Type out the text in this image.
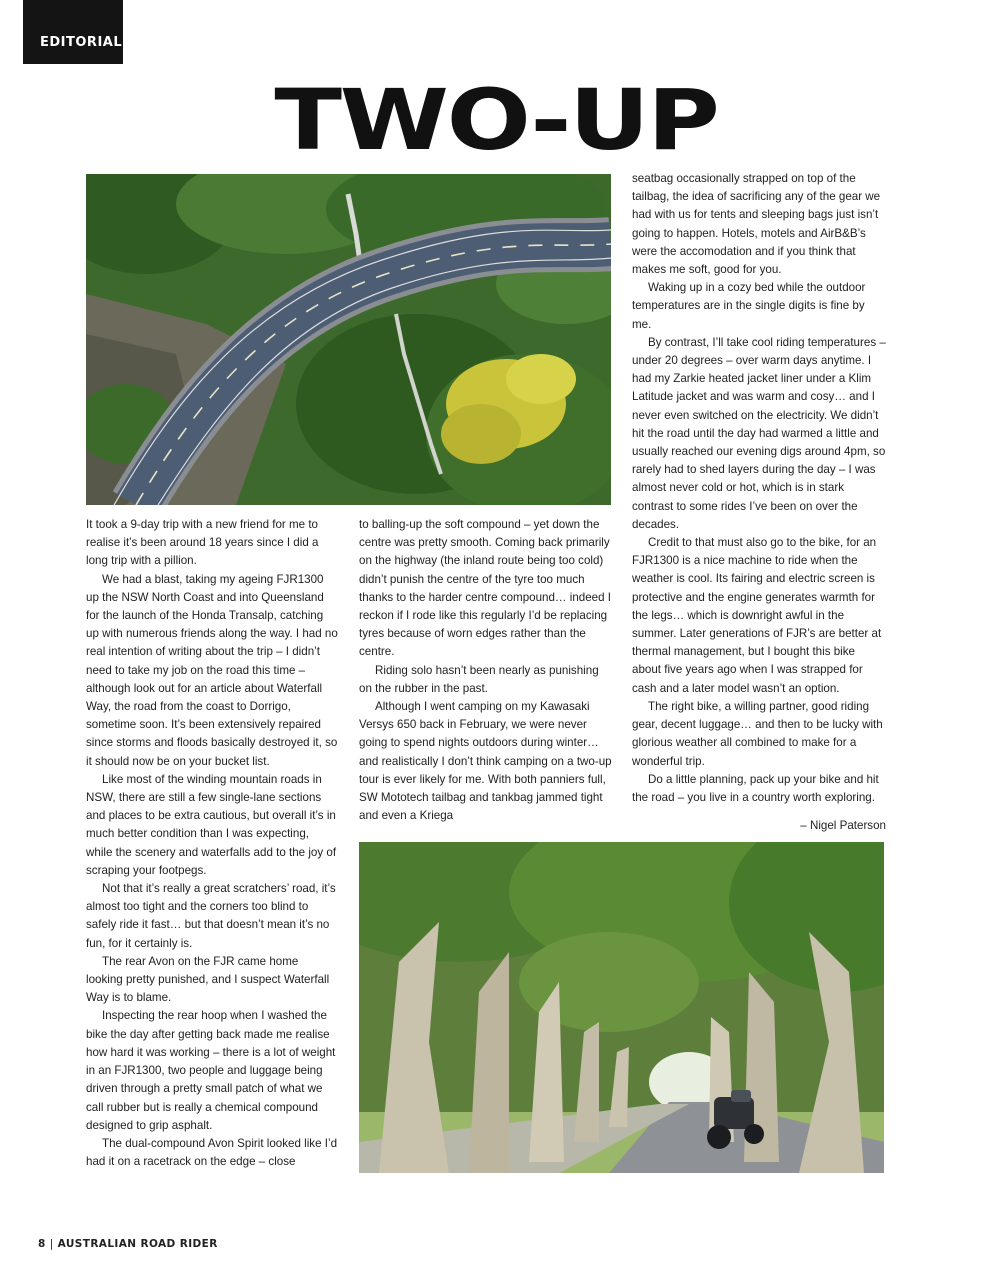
EDITORIAL
TWO-UP

It took a 9-day trip with a new friend for me to realise it’s been around 18 years since I did a long trip with a pillion.

We had a blast, taking my ageing FJR1300 up the NSW North Coast and into Queensland for the launch of the Honda Transalp, catching up with numerous friends along the way. I had no real intention of writing about the trip – I didn’t need to take my job on the road this time – although look out for an article about Waterfall Way, the road from the coast to Dorrigo, sometime soon. It’s been extensively repaired since storms and floods basically destroyed it, so it should now be on your bucket list.

Like most of the winding mountain roads in NSW, there are still a few single-lane sections and places to be extra cautious, but overall it’s in much better condition than I was expecting, while the scenery and waterfalls add to the joy of scraping your footpegs.

Not that it’s really a great scratchers’ road, it’s almost too tight and the corners too blind to safely ride it fast… but that doesn’t mean it’s no fun, for it certainly is.

The rear Avon on the FJR came home looking pretty punished, and I suspect Waterfall Way is to blame.

Inspecting the rear hoop when I washed the bike the day after getting back made me realise how hard it was working – there is a lot of weight in an FJR1300, two people and luggage being driven through a pretty small patch of what we call rubber but is really a chemical compound designed to grip asphalt.

The dual-compound Avon Spirit looked like I’d had it on a racetrack on the edge – close

to balling-up the soft compound – yet down the centre was pretty smooth. Coming back primarily on the highway (the inland route being too cold) didn’t punish the centre of the tyre too much thanks to the harder centre compound… indeed I reckon if I rode like this regularly I’d be replacing tyres because of worn edges rather than the centre.

Riding solo hasn’t been nearly as punishing on the rubber in the past.

Although I went camping on my Kawasaki Versys 650 back in February, we were never going to spend nights outdoors during winter… and realistically I don’t think camping on a two-up tour is ever likely for me. With both panniers full, SW Mototech tailbag and tankbag jammed tight and even a Kriega

seatbag occasionally strapped on top of the tailbag, the idea of sacrificing any of the gear we had with us for tents and sleeping bags just isn’t going to happen. Hotels, motels and AirB&B’s were the accomodation and if you think that makes me soft, good for you.

Waking up in a cozy bed while the outdoor temperatures are in the single digits is fine by me.

By contrast, I’ll take cool riding temperatures – under 20 degrees – over warm days anytime. I had my Zarkie heated jacket liner under a Klim Latitude jacket and was warm and cosy… and I never even switched on the electricity. We didn’t hit the road until the day had warmed a little and usually reached our evening digs around 4pm, so rarely had to shed layers during the day – I was almost never cold or hot, which is in stark contrast to some rides I’ve been on over the decades.

Credit to that must also go to the bike, for an FJR1300 is a nice machine to ride when the weather is cool. Its fairing and electric screen is protective and the engine generates warmth for the legs… which is downright awful in the summer. Later generations of FJR’s are better at thermal management, but I bought this bike about five years ago when I was strapped for cash and a later model wasn’t an option.

The right bike, a willing partner, good riding gear, decent luggage… and then to be lucky with glorious weather all combined to make for a wonderful trip.

Do a little planning, pack up your bike and hit the road – you live in a country worth exploring.

– Nigel Paterson

8 | AUSTRALIAN ROAD RIDER
